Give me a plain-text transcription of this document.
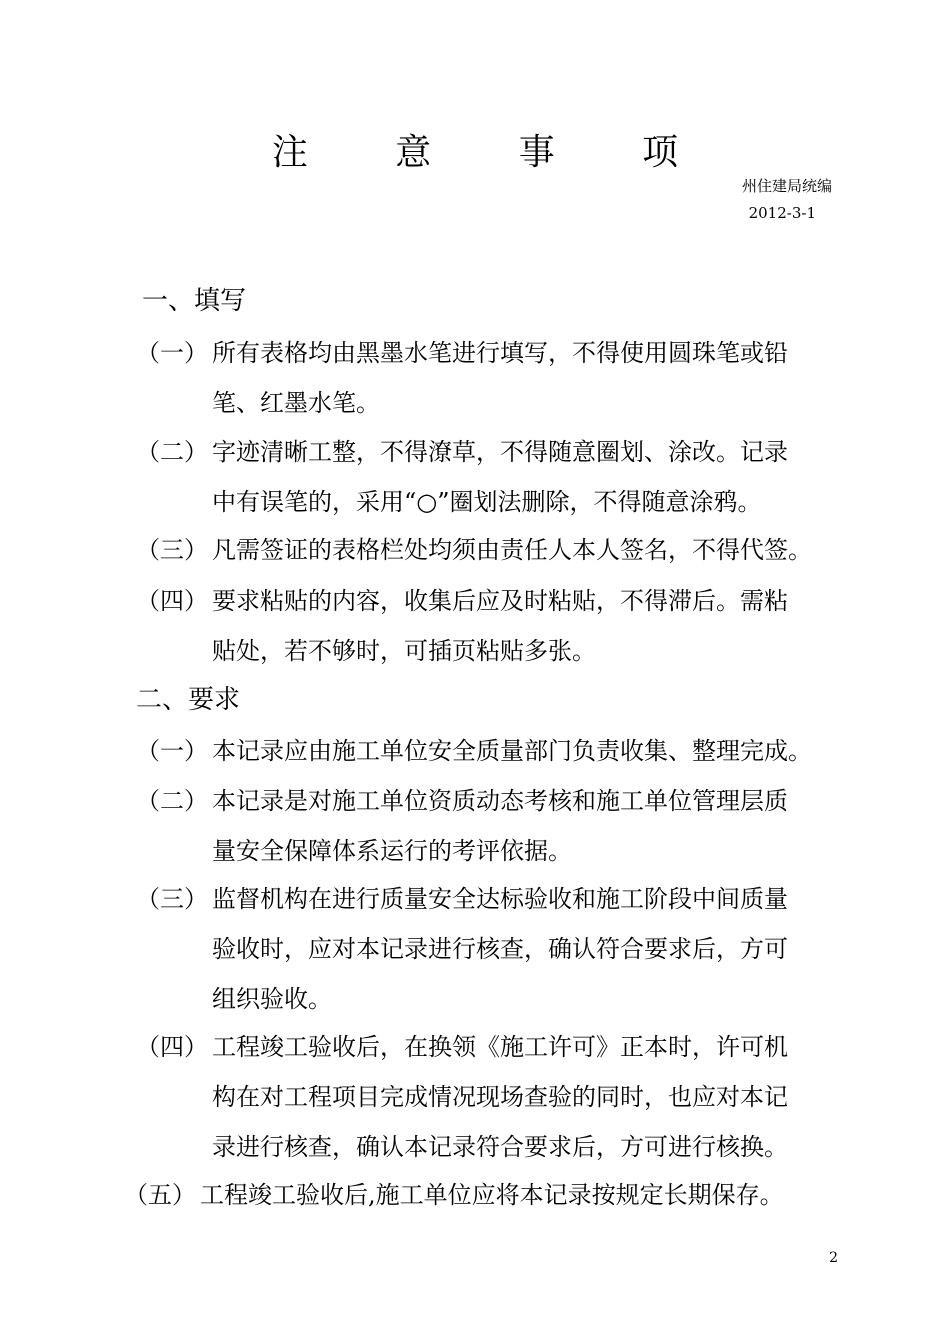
注 意 事 项
州住建局统编
2012-3-1
一、填写
（一） 所有表格均由黑墨水笔进行填写，不得使用圆珠笔或铅
笔、红墨水笔。
（二） 字迹清晰工整，不得潦草，不得随意圈划、涂改。记录
中有误笔的，采用“○”圈划法删除，不得随意涂鸦。
（三） 凡需签证的表格栏处均须由责任人本人签名，不得代签。
（四） 要求粘贴的内容，收集后应及时粘贴，不得滞后。需粘
贴处，若不够时，可插页粘贴多张。
二、要求
（一） 本记录应由施工单位安全质量部门负责收集、整理完成。
（二） 本记录是对施工单位资质动态考核和施工单位管理层质
量安全保障体系运行的考评依据。
（三） 监督机构在进行质量安全达标验收和施工阶段中间质量
验收时，应对本记录进行核查，确认符合要求后，方可
组织验收。
（四） 工程竣工验收后，在换领《施工许可》正本时，许可机
构在对工程项目完成情况现场查验的同时，也应对本记
录进行核查，确认本记录符合要求后，方可进行核换。
（五） 工程竣工验收后,施工单位应将本记录按规定长期保存。
2
